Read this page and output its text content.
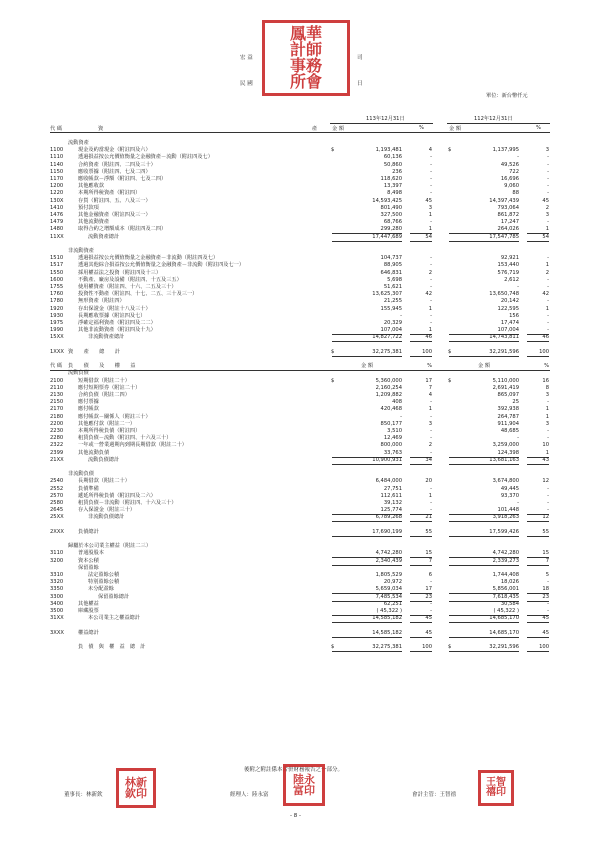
鳳 華
計 師
事 務
所 會
宏 益	司
民 國	日
單位：新台幣仟元
113年12月31日	112年12月31日
代 碼	資	產	金 額	%	金 額	%
流動資產
1100	現金及約當現金（附註四及六）	$	1,193,481	4	$	1,137,995	3
1110	透過損益按公允價值衡量之金融資產－流動（附註四及七）	60,136	-	-	-
1140	合約資產（附註四、二四及三十）	50,860	-	49,526	-
1150	應收票據（附註四、七及二四）	236	-	722	-
1170	應收帳款－淨額（附註四、七及二四）	118,620	-	16,696	-
1200	其他應收款	13,397	-	9,060	-
1220	本期所得稅資產（附註四）	8,498	-	88	-
130X	存貨（附註四、五、八及三一）	14,593,425	45	14,397,439	45
1410	預付款項	801,490	3	793,064	2
1476	其他金融資產（附註四及三一）	327,500	1	861,872	3
1479	其他流動資產	68,766	-	17,247	-
1480	取得合約之增額成本（附註四及二四）	299,280	1	264,026	1
11XX	流動資產總計	17,447,689	54	17,547,785	54
非流動資產
1510	透過損益按公允價值衡量之金融資產－非流動（附註四及七）	104,737	-	92,921	-
1517	透過其他綜合損益按公允價值衡量之金融資產－非流動（附註四及七一）	88,905	-	153,440	1
1550	採用權益法之投資（附註四及十三）	646,831	2	576,719	2
1600	不動產、廠房及設備（附註四、十五及三五）	5,698	-	2,612	-
1755	使用權資產（附註四、十六、二五及三十）	51,621	-	-	-
1760	投資性不動產（附註四、十七、二五、三十及三一）	13,625,307	42	13,650,748	42
1780	無形資產（附註四）	21,255	-	20,142	-
1920	存出保證金（附註十八及三十）	155,945	1	122,595	1
1930	長期應收票據（附註四及七）	-	-	156	-
1975	淨確定福利資產（附註四及二二）	20,329	-	17,474	-
1990	其他非流動資產（附註四及十九）	107,004	1	107,004	-
15XX	非流動資產總計	14,827,722	46	14,743,811	46
1XXX 資　　產　　總　　計	$	32,275,381	100	$	32,291,596	100
代 碼 負　　債　　及　　權　　益	金 額	%	金 額	%
流動負債
2100	短期借款（附註二十）	$	5,360,000	17	$	5,110,000	16
2110	應付短期票券（附註二十）	2,160,254	7	2,691,419	8
2130	合約負債（附註二四）	1,209,882	4	865,097	3
2150	應付票據	408	-	25	-
2170	應付帳款	420,468	1	392,938	1
2180	應付帳款－關係人（附註三十）	-	-	264,787	1
2200	其他應付款（附註二一）	850,177	3	911,904	3
2230	本期所得稅負債（附註四）	3,510	-	48,685	-
2280	租賃負債－流動（附註四、十六及三十）	12,469	-	-	-
2322	一年或一營業週期內到期長期借款（附註二十）	800,000	2	3,259,000	10
2399	其他流動負債	33,763	-	124,398	1
21XX	流動負債總計	10,900,931	34	13,681,163	43
非流動負債
2540	長期借款（附註二十）	6,484,000	20	3,674,800	12
2552	負債準備	27,751	-	49,445	-
2570	遞延所得稅負債（附註四及二六）	112,611	1	93,370	-
2580	租賃負債－非流動（附註四、十六及三十）	39,132	-	-	-
2645	存入保證金（附註三十）	125,774	-	101,448	-
25XX	非流動負債總計	6,789,268	21	3,918,263	12
2XXX	負債總計	17,690,199	55	17,599,426	55
歸屬於本公司業主權益（附註二三）
3110	普通股股本	4,742,280	15	4,742,280	15
3200	資本公積	2,340,439	7	2,339,273	7
保留盈餘
3310	法定盈餘公積	1,805,529	6	1,744,408	5
3320	特別盈餘公積	20,972	-	18,026	-
3350	未分配盈餘	5,659,034	17	5,856,001	18
3300	保留盈餘總計	7,485,534	23	7,618,435	23
3400	其他權益	62,251	-	30,584	-
3500	庫藏股票	( 45,322 )	-	( 45,322 )	-
31XX	本公司業主之權益總計	14,585,182	45	14,685,170	45
3XXX	權益總計	14,585,182	45	14,685,170	45
負　債　與　權　益　總　計	$	32,275,381	100	$	32,291,596	100
後附之附註係本合併財務報告之一部分。
董事長：林新欽	經理人：陸永富	會計主管：王智禧
- 8 -
林 新
欽 印
陸 永
富 印
王 智
禧 印
